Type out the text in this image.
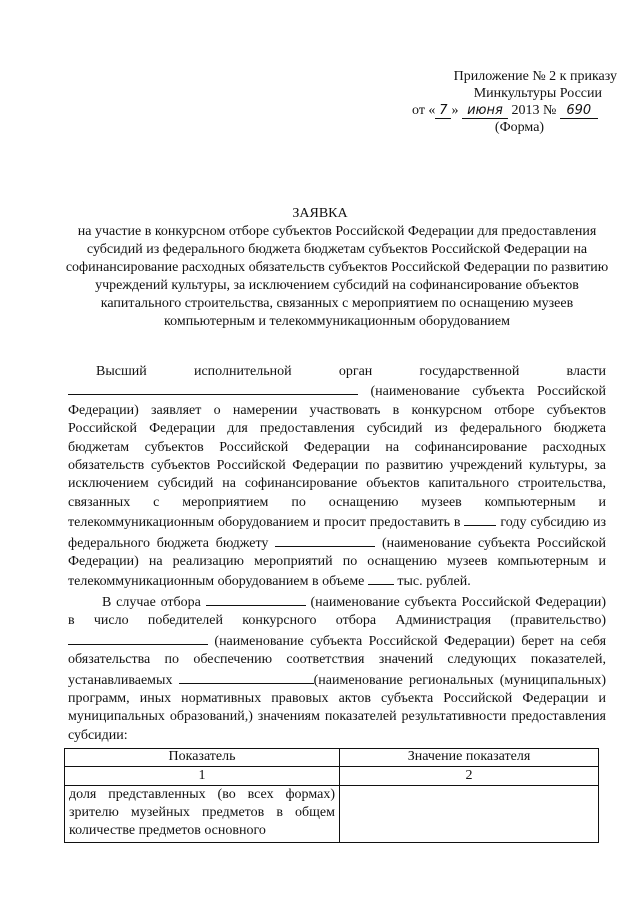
Приложение № 2 к приказу
Минкультуры России
от « 7 » июня 2013 № 690
(Форма)
ЗАЯВКА
на участие в конкурсном отборе субъектов Российской Федерации для предоставления субсидий из федерального бюджета бюджетам субъектов Российской Федерации на софинансирование расходных обязательств субъектов Российской Федерации по развитию учреждений культуры, за исключением субсидий на софинансирование объектов капитального строительства, связанных с мероприятием по оснащению музеев компьютерным и телекоммуникационным оборудованием

Высший исполнительной орган государственной власти  (наименование субъекта Российской Федерации) заявляет о намерении участвовать в конкурсном отборе субъектов Российской Федерации для предоставления субсидий из федерального бюджета бюджетам субъектов Российской Федерации на софинансирование расходных обязательств субъектов Российской Федерации по развитию учреждений культуры, за исключением субсидий на софинансирование объектов капитального строительства, связанных с мероприятием по оснащению музеев компьютерным и телекоммуникационным оборудованием и просит предоставить в	году субсидию из федерального бюджета бюджету	(наименование субъекта Российской Федерации) на реализацию мероприятий по оснащению музеев компьютерным и телекоммуникационным оборудованием в объеме тыс. рублей.

В случае отбора	(наименование субъекта Российской Федерации) в число победителей конкурсного отбора Администрация (правительство)  (наименование субъекта Российской Федерации) берет на себя обязательства по обеспечению соответствия значений следующих показателей, устанавливаемых	(наименование региональных (муниципальных) программ, иных нормативных правовых актов субъекта Российской Федерации и муниципальных образований,) значениям показателей результативности предоставления субсидии:

Показатель	Значение показателя
1	2
доля представленных (во всех формах) зрителю музейных предметов в общем количестве предметов основного	
